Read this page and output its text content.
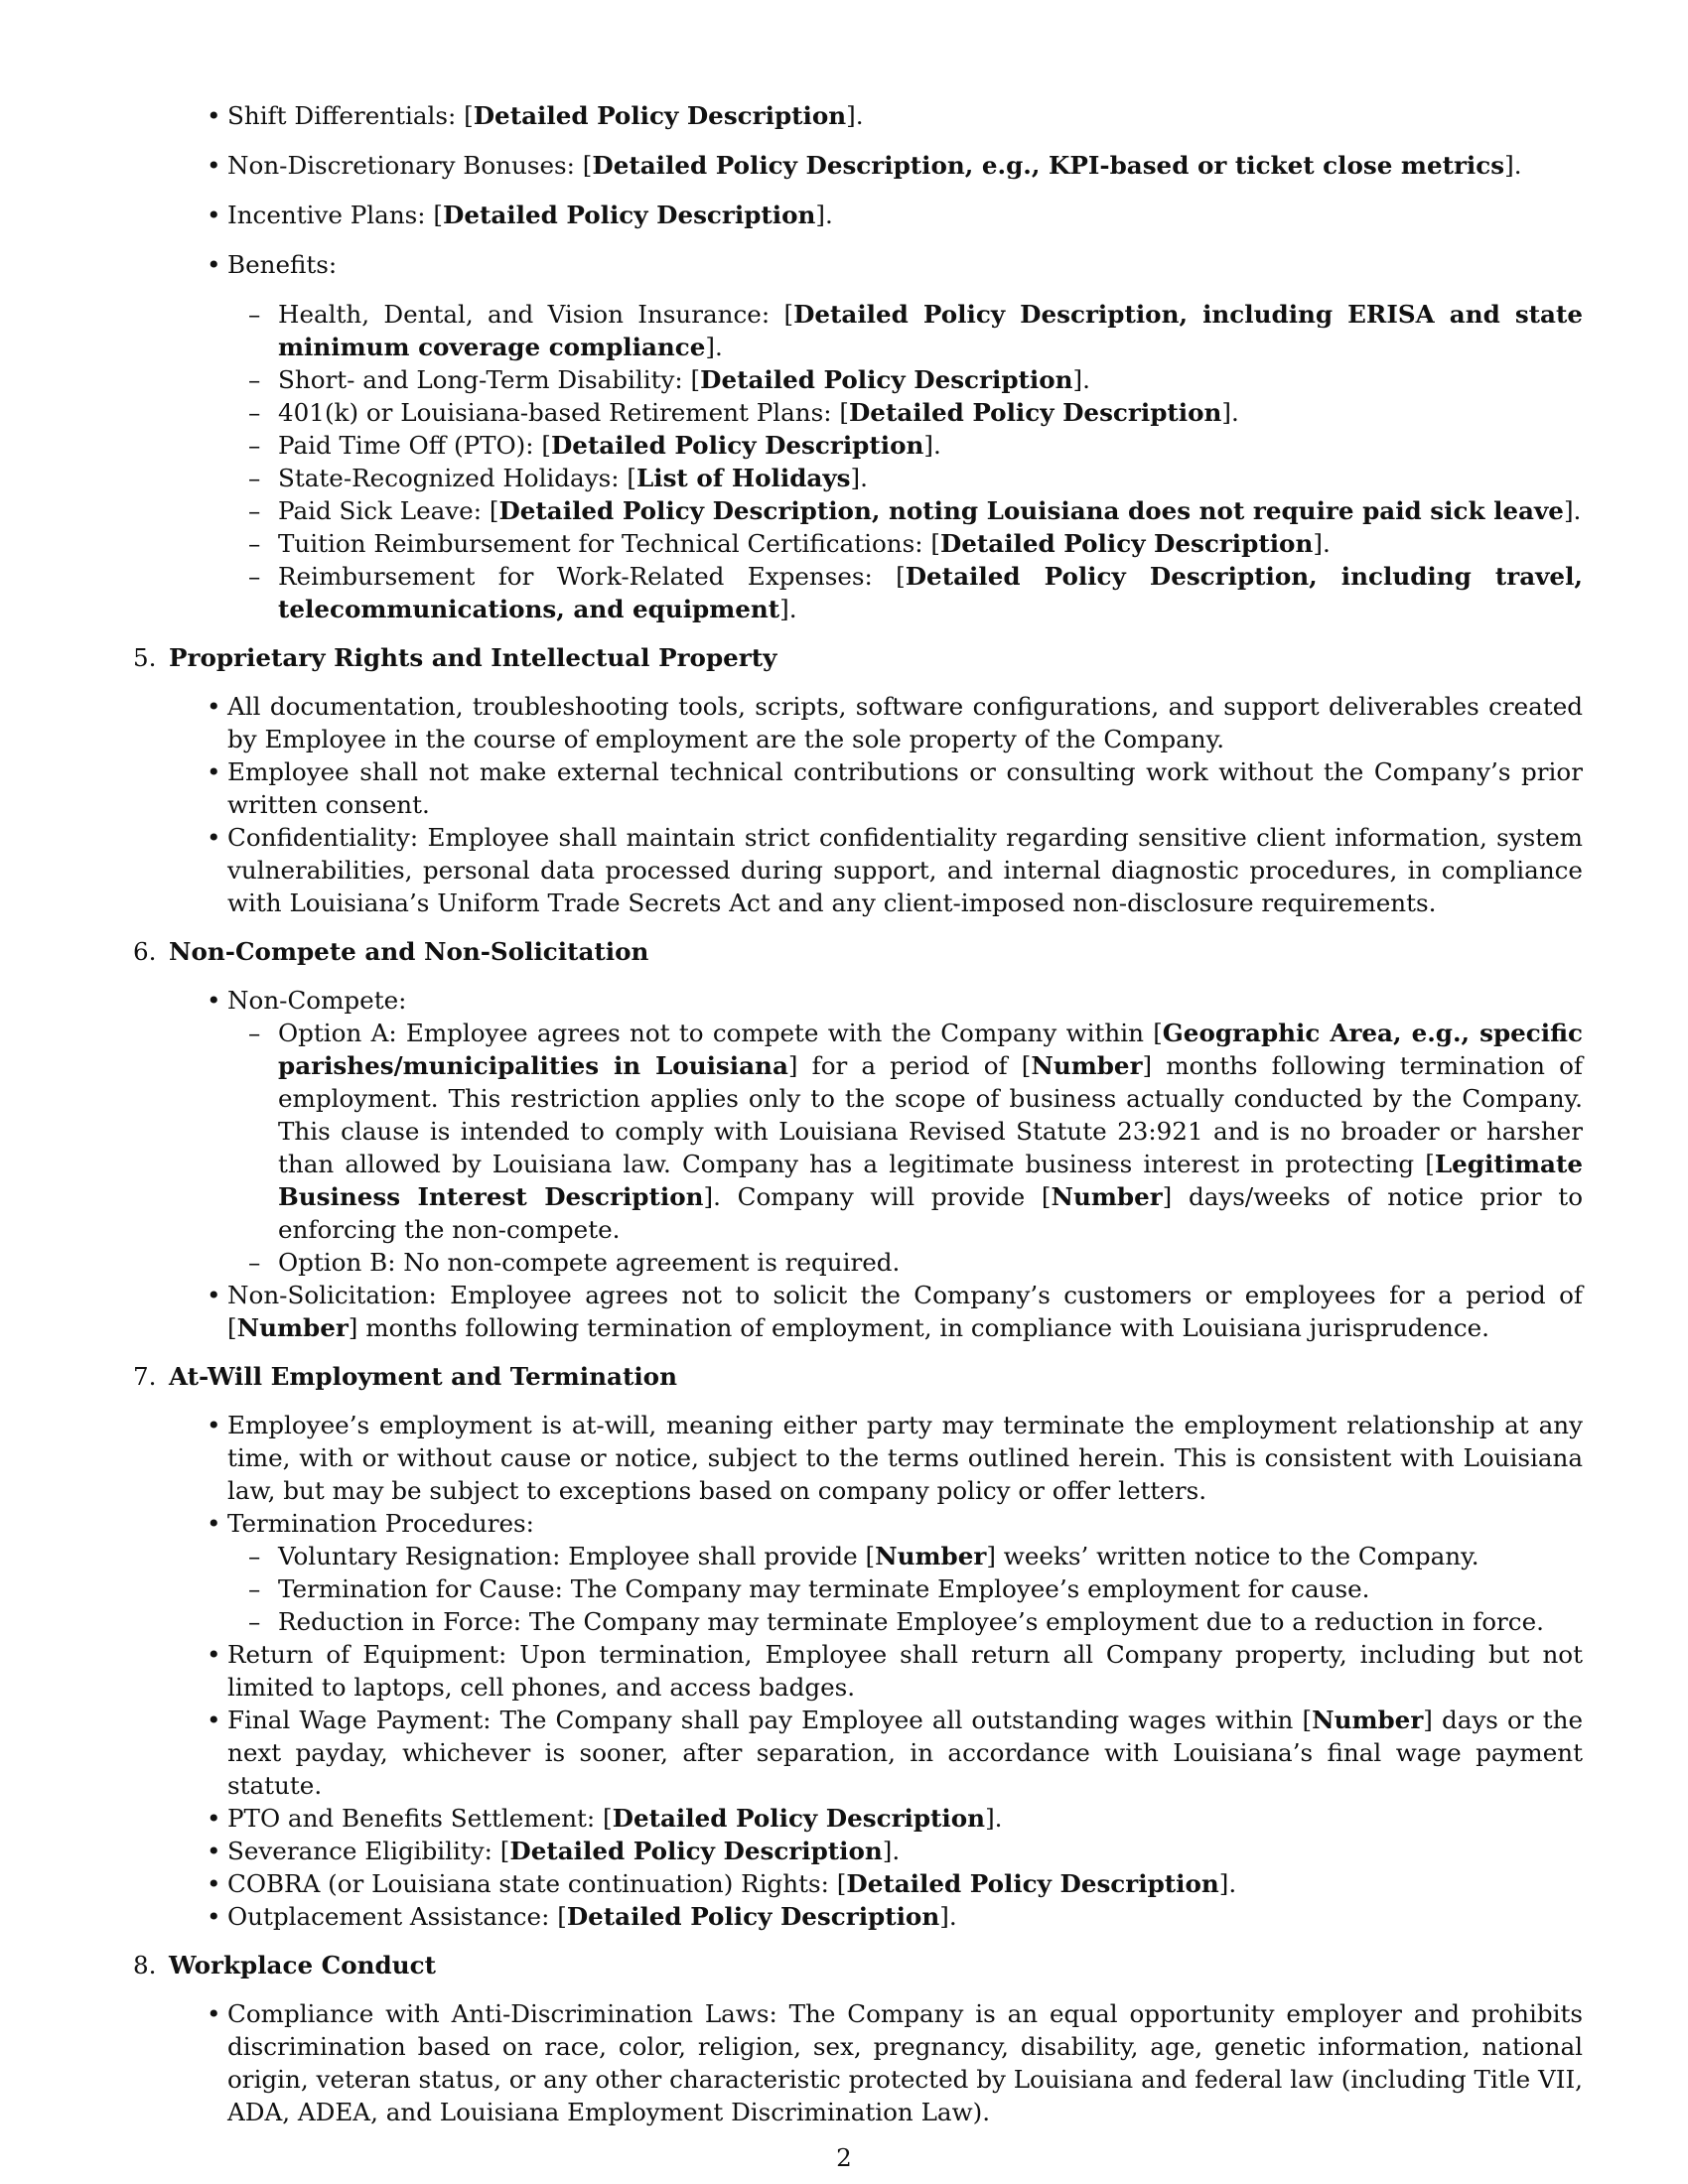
• Shift Differentials: [Detailed Policy Description].

• Non-Discretionary Bonuses: [Detailed Policy Description, e.g., KPI-based or ticket close metrics].

• Incentive Plans: [Detailed Policy Description].

• Benefits:

– Health, Dental, and Vision Insurance: [Detailed Policy Description, including ERISA and state minimum coverage compliance].

– Short- and Long-Term Disability: [Detailed Policy Description].

– 401(k) or Louisiana-based Retirement Plans: [Detailed Policy Description].

– Paid Time Off (PTO): [Detailed Policy Description].

– State-Recognized Holidays: [List of Holidays].

– Paid Sick Leave: [Detailed Policy Description, noting Louisiana does not require paid sick leave].

– Tuition Reimbursement for Technical Certifications: [Detailed Policy Description].

– Reimbursement for Work-Related Expenses: [Detailed Policy Description, including travel, telecommunications, and equipment].

5. Proprietary Rights and Intellectual Property

• All documentation, troubleshooting tools, scripts, software configurations, and support deliverables created by Employee in the course of employment are the sole property of the Company.

• Employee shall not make external technical contributions or consulting work without the Company’s prior written consent.

• Confidentiality: Employee shall maintain strict confidentiality regarding sensitive client information, system vulnerabilities, personal data processed during support, and internal diagnostic procedures, in compliance with Louisiana’s Uniform Trade Secrets Act and any client-imposed non-disclosure requirements.

6. Non-Compete and Non-Solicitation

• Non-Compete:

– Option A: Employee agrees not to compete with the Company within [Geographic Area, e.g., specific parishes/municipalities in Louisiana] for a period of [Number] months following termination of employment. This restriction applies only to the scope of business actually conducted by the Company. This clause is intended to comply with Louisiana Revised Statute 23:921 and is no broader or harsher than allowed by Louisiana law. Company has a legitimate business interest in protecting [Legitimate Business Interest Description]. Company will provide [Number] days/weeks of notice prior to enforcing the non-compete.

– Option B: No non-compete agreement is required.

• Non-Solicitation: Employee agrees not to solicit the Company’s customers or employees for a period of [Number] months following termination of employment, in compliance with Louisiana jurisprudence.

7. At-Will Employment and Termination

• Employee’s employment is at-will, meaning either party may terminate the employment relationship at any time, with or without cause or notice, subject to the terms outlined herein. This is consistent with Louisiana law, but may be subject to exceptions based on company policy or offer letters.

• Termination Procedures:

– Voluntary Resignation: Employee shall provide [Number] weeks’ written notice to the Company.

– Termination for Cause: The Company may terminate Employee’s employment for cause.

– Reduction in Force: The Company may terminate Employee’s employment due to a reduction in force.

• Return of Equipment: Upon termination, Employee shall return all Company property, including but not limited to laptops, cell phones, and access badges.

• Final Wage Payment: The Company shall pay Employee all outstanding wages within [Number] days or the next payday, whichever is sooner, after separation, in accordance with Louisiana’s final wage payment statute.

• PTO and Benefits Settlement: [Detailed Policy Description].

• Severance Eligibility: [Detailed Policy Description].

• COBRA (or Louisiana state continuation) Rights: [Detailed Policy Description].

• Outplacement Assistance: [Detailed Policy Description].

8. Workplace Conduct

• Compliance with Anti-Discrimination Laws: The Company is an equal opportunity employer and prohibits discrimination based on race, color, religion, sex, pregnancy, disability, age, genetic information, national origin, veteran status, or any other characteristic protected by Louisiana and federal law (including Title VII, ADA, ADEA, and Louisiana Employment Discrimination Law).

2
